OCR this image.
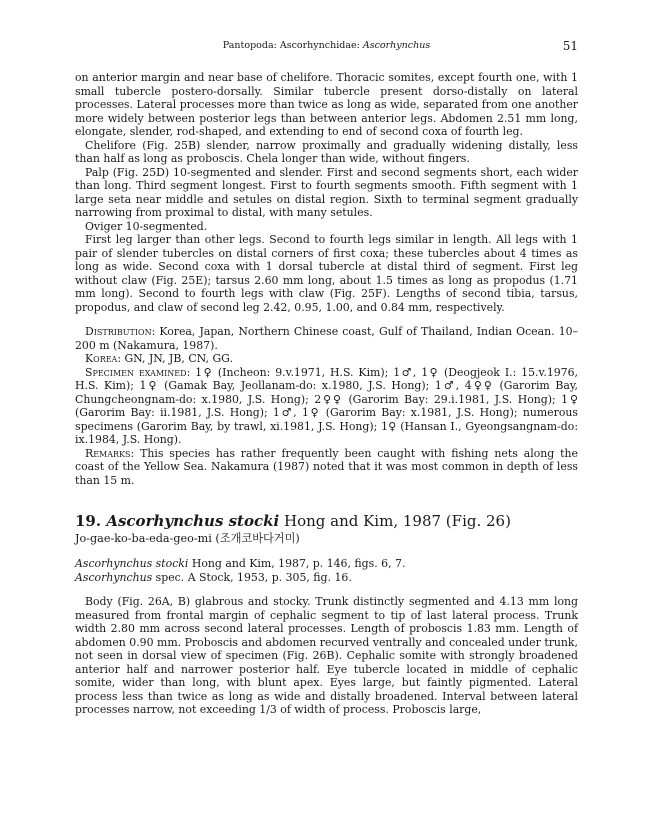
Pantopoda: Ascorhynchidae: Ascorhynchus	51

on anterior margin and near base of chelifore. Thoracic somites, except fourth one, with 1 small tubercle postero-dorsally. Similar tubercle present dorso-distally on lateral processes. Lateral processes more than twice as long as wide, separated from one another more widely between posterior legs than between anterior legs. Abdomen 2.51 mm long, elongate, slender, rod-shaped, and extending to end of second coxa of fourth leg.

Chelifore (Fig. 25B) slender, narrow proximally and gradually widening distally, less than half as long as proboscis. Chela longer than wide, without fingers.

Palp (Fig. 25D) 10-segmented and slender. First and second segments short, each wider than long. Third segment longest. First to fourth segments smooth. Fifth segment with 1 large seta near middle and setules on distal region. Sixth to terminal segment gradually narrowing from proximal to distal, with many setules.

Oviger 10-segmented.

First leg larger than other legs. Second to fourth legs similar in length. All legs with 1 pair of slender tubercles on distal corners of first coxa; these tubercles about 4 times as long as wide. Second coxa with 1 dorsal tubercle at distal third of segment. First leg without claw (Fig. 25E); tarsus 2.60 mm long, about 1.5 times as long as propodus (1.71 mm long). Second to fourth legs with claw (Fig. 25F). Lengths of second tibia, tarsus, propodus, and claw of second leg 2.42, 0.95, 1.00, and 0.84 mm, respectively.

Distribution: Korea, Japan, Northern Chinese coast, Gulf of Thailand, Indian Ocean. 10–200 m (Nakamura, 1987).

Korea: GN, JN, JB, CN, GG.

Specimen examined: 1♀ (Incheon: 9.v.1971, H.S. Kim); 1♂, 1♀ (Deogjeok I.: 15.v.1976, H.S. Kim); 1♀ (Gamak Bay, Jeollanam-do: x.1980, J.S. Hong); 1♂, 4♀♀ (Garorim Bay, Chungcheongnam-do: x.1980, J.S. Hong); 2♀♀ (Garorim Bay: 29.i.1981, J.S. Hong); 1♀ (Garorim Bay: ii.1981, J.S. Hong); 1♂, 1♀ (Garorim Bay: x.1981, J.S. Hong); numerous specimens (Garorim Bay, by trawl, xi.1981, J.S. Hong); 1♀ (Hansan I., Gyeongsangnam-do: ix.1984, J.S. Hong).

Remarks: This species has rather frequently been caught with fishing nets along the coast of the Yellow Sea. Nakamura (1987) noted that it was most common in depth of less than 15 m.

19. Ascorhynchus stocki Hong and Kim, 1987 (Fig. 26)

Jo-gae-ko-ba-eda-geo-mi (조개코바다거미)

Ascorhynchus stocki Hong and Kim, 1987, p. 146, figs. 6, 7.

Ascorhynchus spec. A Stock, 1953, p. 305, fig. 16.

Body (Fig. 26A, B) glabrous and stocky. Trunk distinctly segmented and 4.13 mm long measured from frontal margin of cephalic segment to tip of last lateral process. Trunk width 2.80 mm across second lateral processes. Length of proboscis 1.83 mm. Length of abdomen 0.90 mm. Proboscis and abdomen recurved ventrally and concealed under trunk, not seen in dorsal view of specimen (Fig. 26B). Cephalic somite with strongly broadened anterior half and narrower posterior half. Eye tubercle located in middle of cephalic somite, wider than long, with blunt apex. Eyes large, but faintly pigmented. Lateral process less than twice as long as wide and distally broadened. Interval between lateral processes narrow, not exceeding 1/3 of width of process. Proboscis large,
